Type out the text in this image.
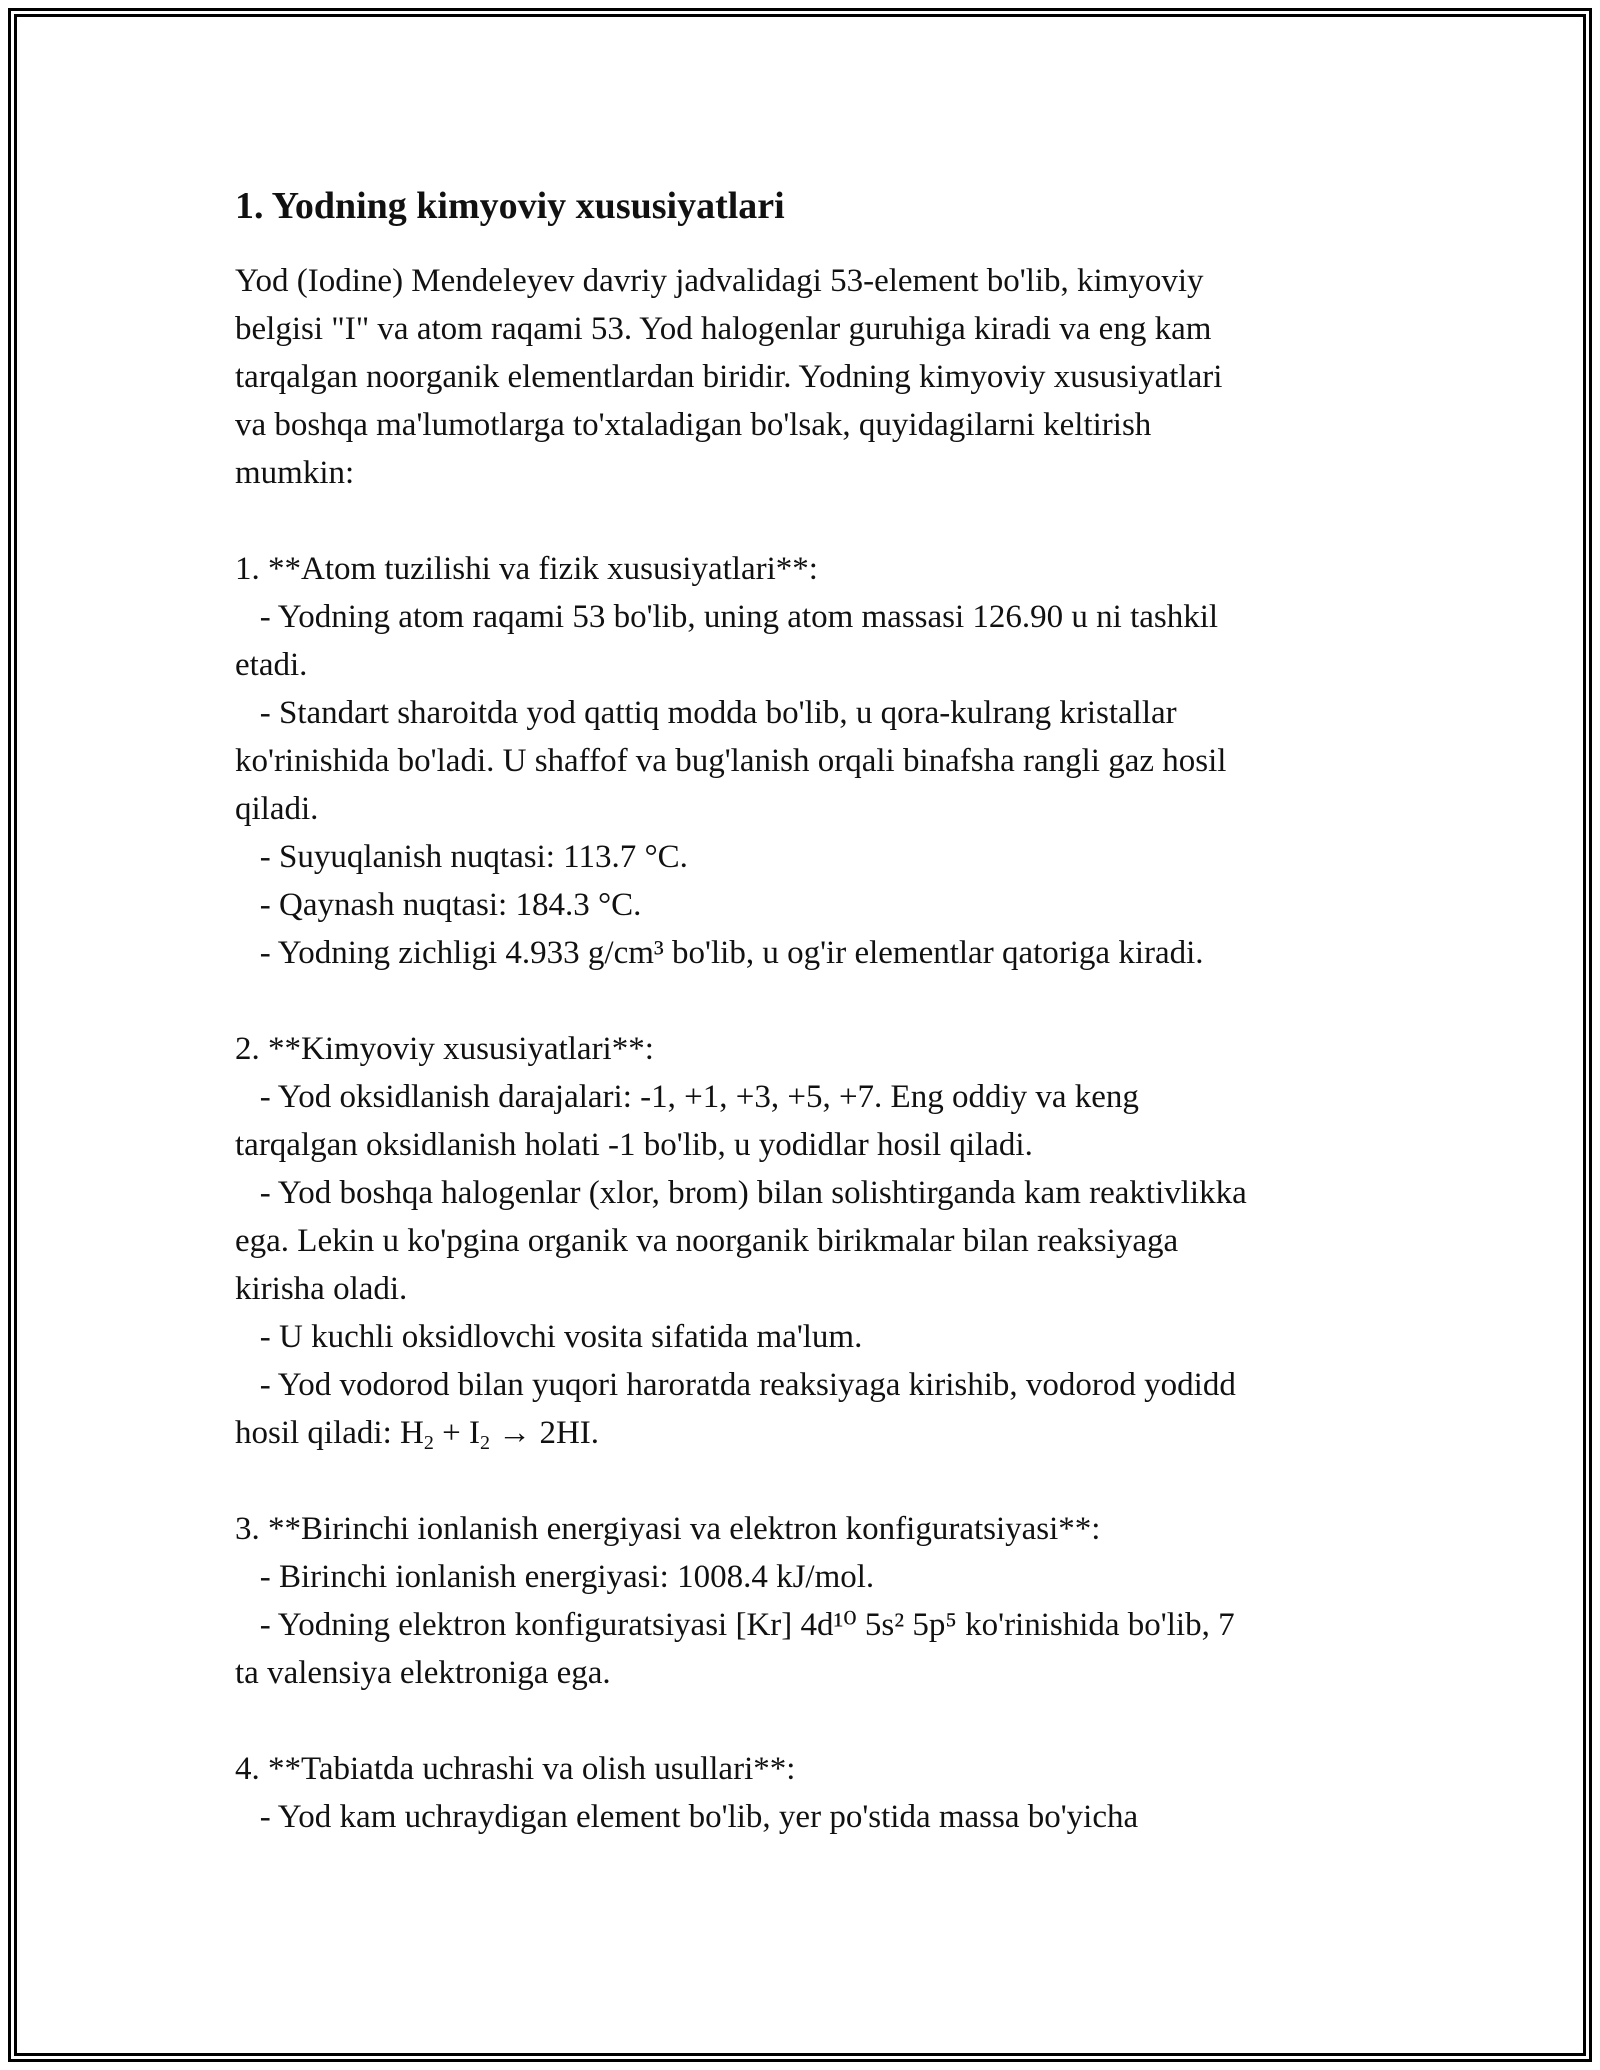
1. Yodning kimyoviy xususiyatlari
Yod (Iodine) Mendeleyev davriy jadvalidagi 53-element bo'lib, kimyoviy
belgisi "I" va atom raqami 53. Yod halogenlar guruhiga kiradi va eng kam
tarqalgan noorganik elementlardan biridir. Yodning kimyoviy xususiyatlari
va boshqa ma'lumotlarga to'xtaladigan bo'lsak, quyidagilarni keltirish
mumkin:
1. **Atom tuzilishi va fizik xususiyatlari**:
- Yodning atom raqami 53 bo'lib, uning atom massasi 126.90 u ni tashkil
etadi.
- Standart sharoitda yod qattiq modda bo'lib, u qora-kulrang kristallar
ko'rinishida bo'ladi. U shaffof va bug'lanish orqali binafsha rangli gaz hosil
qiladi.
- Suyuqlanish nuqtasi: 113.7 °C.
- Qaynash nuqtasi: 184.3 °C.
- Yodning zichligi 4.933 g/cm³ bo'lib, u og'ir elementlar qatoriga kiradi.
2. **Kimyoviy xususiyatlari**:
- Yod oksidlanish darajalari: -1, +1, +3, +5, +7. Eng oddiy va keng
tarqalgan oksidlanish holati -1 bo'lib, u yodidlar hosil qiladi.
- Yod boshqa halogenlar (xlor, brom) bilan solishtirganda kam reaktivlikka
ega. Lekin u ko'pgina organik va noorganik birikmalar bilan reaksiyaga
kirisha oladi.
- U kuchli oksidlovchi vosita sifatida ma'lum.
- Yod vodorod bilan yuqori haroratda reaksiyaga kirishib, vodorod yodidd
hosil qiladi: $H_2 + I_2 \to 2HI$.
3. **Birinchi ionlanish energiyasi va elektron konfiguratsiyasi**:
- Birinchi ionlanish energiyasi: 1008.4 kJ/mol.
- Yodning elektron konfiguratsiyasi [Kr] 4d¹⁰ 5s² 5p⁵ ko'rinishida bo'lib, 7
ta valensiya elektroniga ega.
4. **Tabiatda uchrashi va olish usullari**:
- Yod kam uchraydigan element bo'lib, yer po'stida massa bo'yicha
